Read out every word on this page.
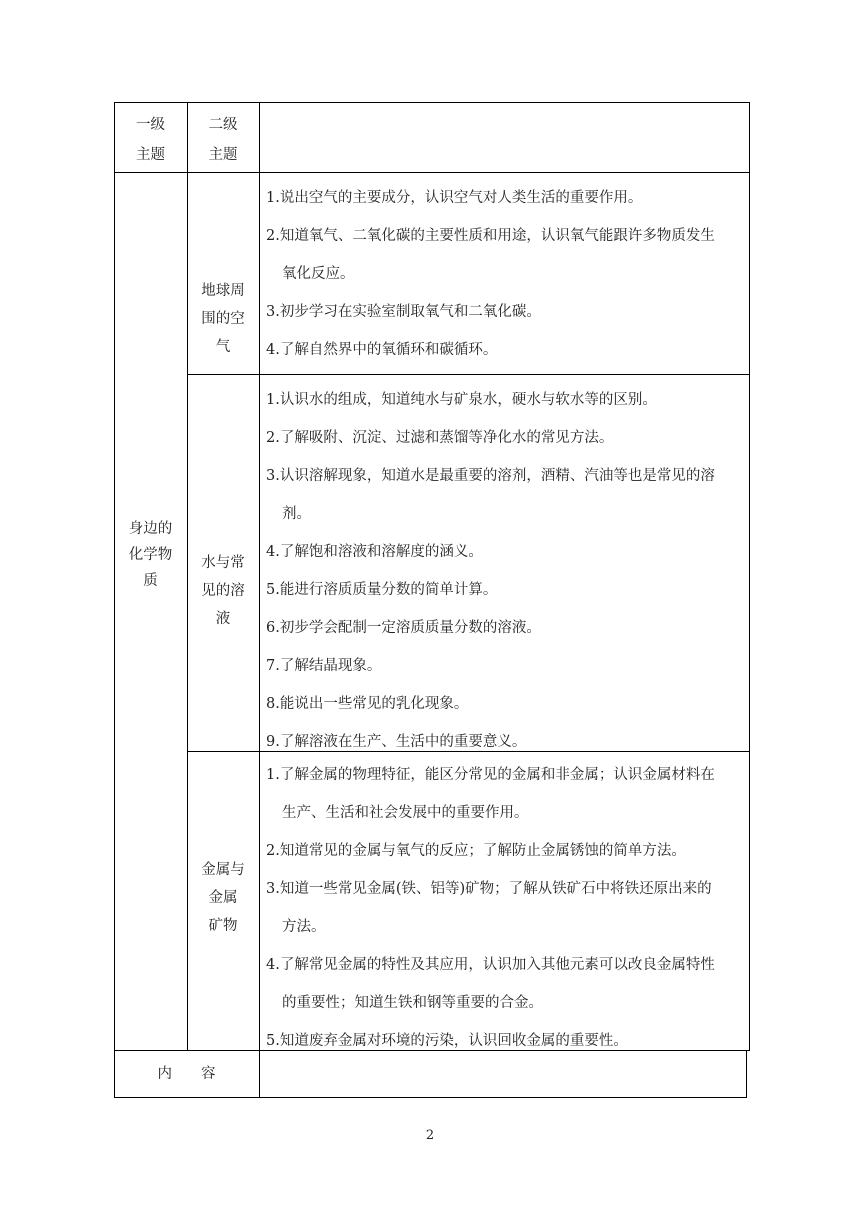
一级
主题
二级
主题
身边的
化学物
质
地球周
围的空
气
水与常
见的溶
液
金属与
金属
矿物
1.说出空气的主要成分，认识空气对人类生活的重要作用。
2.知道氧气、二氧化碳的主要性质和用途，认识氧气能跟许多物质发生
氧化反应。
3.初步学习在实验室制取氧气和二氧化碳。
4.了解自然界中的氧循环和碳循环。
1.认识水的组成，知道纯水与矿泉水，硬水与软水等的区别。
2.了解吸附、沉淀、过滤和蒸馏等净化水的常见方法。
3.认识溶解现象，知道水是最重要的溶剂，酒精、汽油等也是常见的溶
剂。
4.了解饱和溶液和溶解度的涵义。
5.能进行溶质质量分数的简单计算。
6.初步学会配制一定溶质质量分数的溶液。
7.了解结晶现象。
8.能说出一些常见的乳化现象。
9.了解溶液在生产、生活中的重要意义。
1.了解金属的物理特征，能区分常见的金属和非金属；认识金属材料在
生产、生活和社会发展中的重要作用。
2.知道常见的金属与氧气的反应；了解防止金属锈蚀的简单方法。
3.知道一些常见金属(铁、铝等)矿物；了解从铁矿石中将铁还原出来的
方法。
4.了解常见金属的特性及其应用，认识加入其他元素可以改良金属特性
的重要性；知道生铁和钢等重要的合金。
5.知道废弃金属对环境的污染，认识回收金属的重要性。
内　　容
2
